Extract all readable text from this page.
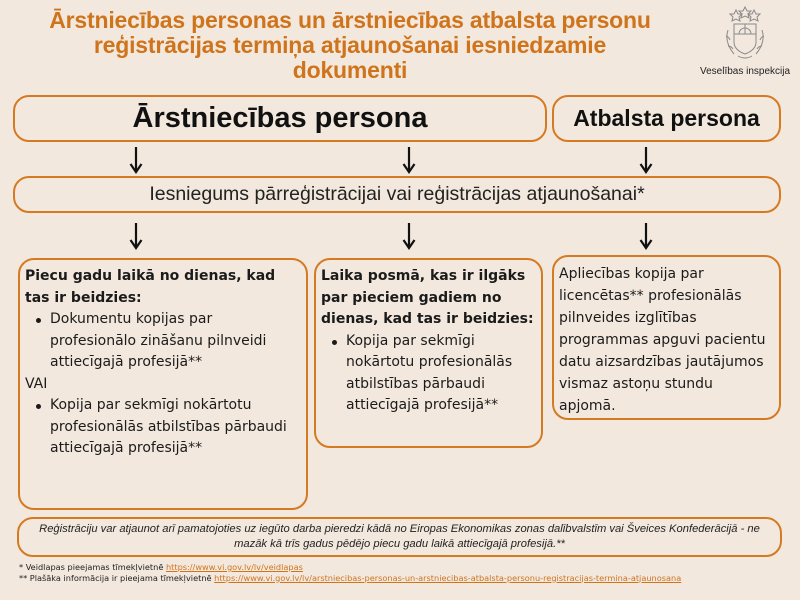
Ārstniecības personas un ārstniecības atbalsta personu
reģistrācijas termiņa atjaunošanai iesniedzamie
dokumenti	Veselības inspekcija
Ārstniecības persona	Atbalsta persona
Iesniegums pārreģistrācijai vai reģistrācijas atjaunošanai*
Piecu gadu laikā no dienas, kad tas ir beidzies:
Dokumentu kopijas par profesionālo zināšanu pilnveidi attiecīgajā profesijā**
VAI
Kopija par sekmīgi nokārtotu profesionālās atbilstības pārbaudi attiecīgajā profesijā**
Laika posmā, kas ir ilgāks par pieciem gadiem no dienas, kad tas ir beidzies:
Kopija par sekmīgi nokārtotu profesionālās atbilstības pārbaudi attiecīgajā profesijā**
Apliecības kopija par licencētas** profesionālās pilnveides izglītības programmas apguvi pacientu datu aizsardzības jautājumos vismaz astoņu stundu apjomā.
Reģistrāciju var atjaunot arī pamatojoties uz iegūto darba pieredzi kādā no Eiropas Ekonomikas zonas dalībvalstīm vai Šveices Konfederācijā - ne mazāk kā trīs gadus pēdējo piecu gadu laikā attiecīgajā profesijā.**
* Veidlapas pieejamas tīmekļvietnē https://www.vi.gov.lv/lv/veidlapas
** Plašāka informācija ir pieejama tīmekļvietnē https://www.vi.gov.lv/lv/arstniecibas-personas-un-arstniecibas-atbalsta-personu-registracijas-termina-atjaunosana
